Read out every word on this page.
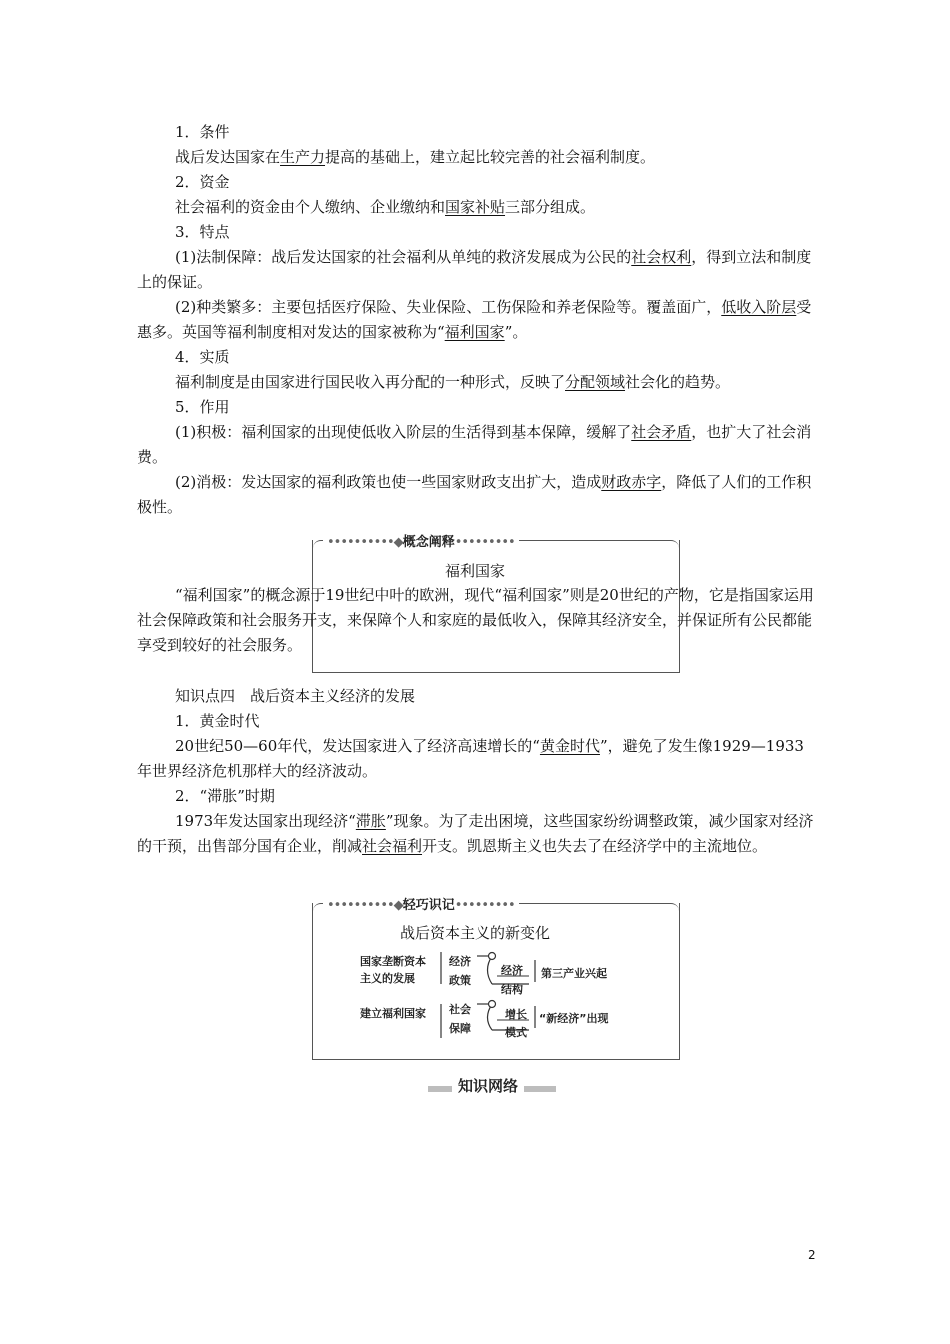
1．条件

战后发达国家在生产力提高的基础上，建立起比较完善的社会福利制度。

2．资金

社会福利的资金由个人缴纳、企业缴纳和国家补贴三部分组成。

3．特点

(1)法制保障：战后发达国家的社会福利从单纯的救济发展成为公民的社会权利，得到立法和制度上的保证。

(2)种类繁多：主要包括医疗保险、失业保险、工伤保险和养老保险等。覆盖面广，低收入阶层受惠多。英国等福利制度相对发达的国家被称为“福利国家”。

4．实质

福利制度是由国家进行国民收入再分配的一种形式，反映了分配领域社会化的趋势。

5．作用

(1)积极：福利国家的出现使低收入阶层的生活得到基本保障，缓解了社会矛盾，也扩大了社会消费。

(2)消极：发达国家的福利政策也使一些国家财政支出扩大，造成财政赤字，降低了人们的工作积极性。

••••••••••◆概念阐释•••••••••
福利国家

“福利国家”的概念源于19世纪中叶的欧洲，现代“福利国家”则是20世纪的产物，它是指国家运用社会保障政策和社会服务开支，来保障个人和家庭的最低收入，保障其经济安全，并保证所有公民都能享受到较好的社会服务。

知识点四　战后资本主义经济的发展

1．黄金时代

20世纪50—60年代，发达国家进入了经济高速增长的“黄金时代”，避免了发生像1929—1933年世界经济危机那样大的经济波动。

2．“滞胀”时期

1973年发达国家出现经济“滞胀”现象。为了走出困境，这些国家纷纷调整政策，减少国家对经济的干预，出售部分国有企业，削减社会福利开支。凯恩斯主义也失去了在经济学中的主流地位。

••••••••••◆轻巧识记•••••••••
战后资本主义的新变化
国家垄断资本
主义的发展
经济
政策
经济
结构
第三产业兴起
建立福利国家 社会
保障
增长
模式
“新经济”出现
知识网络
2
